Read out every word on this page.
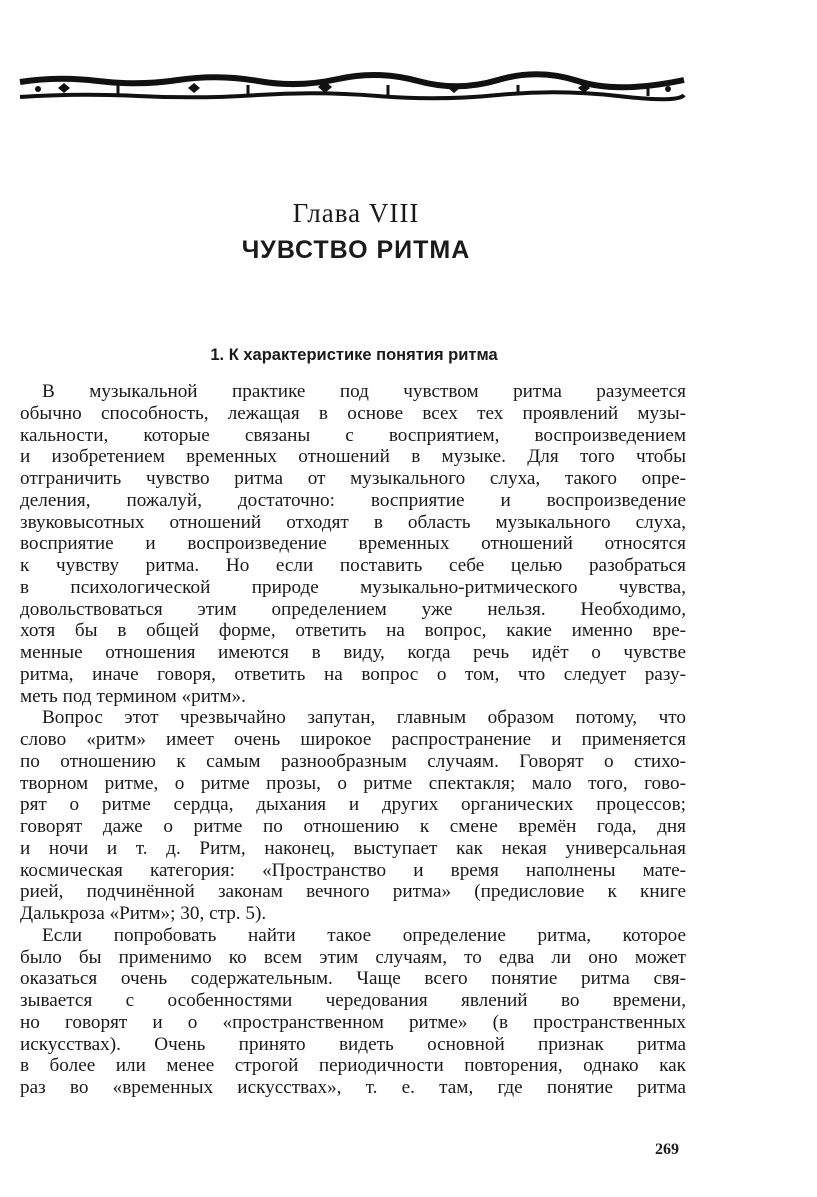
Глава VIII
ЧУВСТВО РИТМА
1. К характеристике понятия ритма
В музыкальной практике под чувством ритма разумеется
обычно способность, лежащая в основе всех тех проявлений музы-
кальности, которые связаны с восприятием, воспроизведением
и изобретением временных отношений в музыке. Для того чтобы
отграничить чувство ритма от музыкального слуха, такого опре-
деления, пожалуй, достаточно: восприятие и воспроизведение
звуковысотных отношений отходят в область музыкального слуха,
восприятие и воспроизведение временных отношений относятся
к чувству ритма. Но если поставить себе целью разобраться
в психологической природе музыкально-ритмического чувства,
довольствоваться этим определением уже нельзя. Необходимо,
хотя бы в общей форме, ответить на вопрос, какие именно вре-
менные отношения имеются в виду, когда речь идёт о чувстве
ритма, иначе говоря, ответить на вопрос о том, что следует разу-
меть под термином «ритм».
Вопрос этот чрезвычайно запутан, главным образом потому, что
слово «ритм» имеет очень широкое распространение и применяется
по отношению к самым разнообразным случаям. Говорят о стихо-
творном ритме, о ритме прозы, о ритме спектакля; мало того, гово-
рят о ритме сердца, дыхания и других органических процессов;
говорят даже о ритме по отношению к смене времён года, дня
и ночи и т. д. Ритм, наконец, выступает как некая универсальная
космическая категория: «Пространство и время наполнены мате-
рией, подчинённой законам вечного ритма» (предисловие к книге
Далькроза «Ритм»; 30, стр. 5).
Если попробовать найти такое определение ритма, которое
было бы применимо ко всем этим случаям, то едва ли оно может
оказаться очень содержательным. Чаще всего понятие ритма свя-
зывается с особенностями чередования явлений во времени,
но говорят и о «пространственном ритме» (в пространственных
искусствах). Очень принято видеть основной признак ритма
в более или менее строгой периодичности повторения, однако как
раз во «временных искусствах», т. е. там, где понятие ритма
269
